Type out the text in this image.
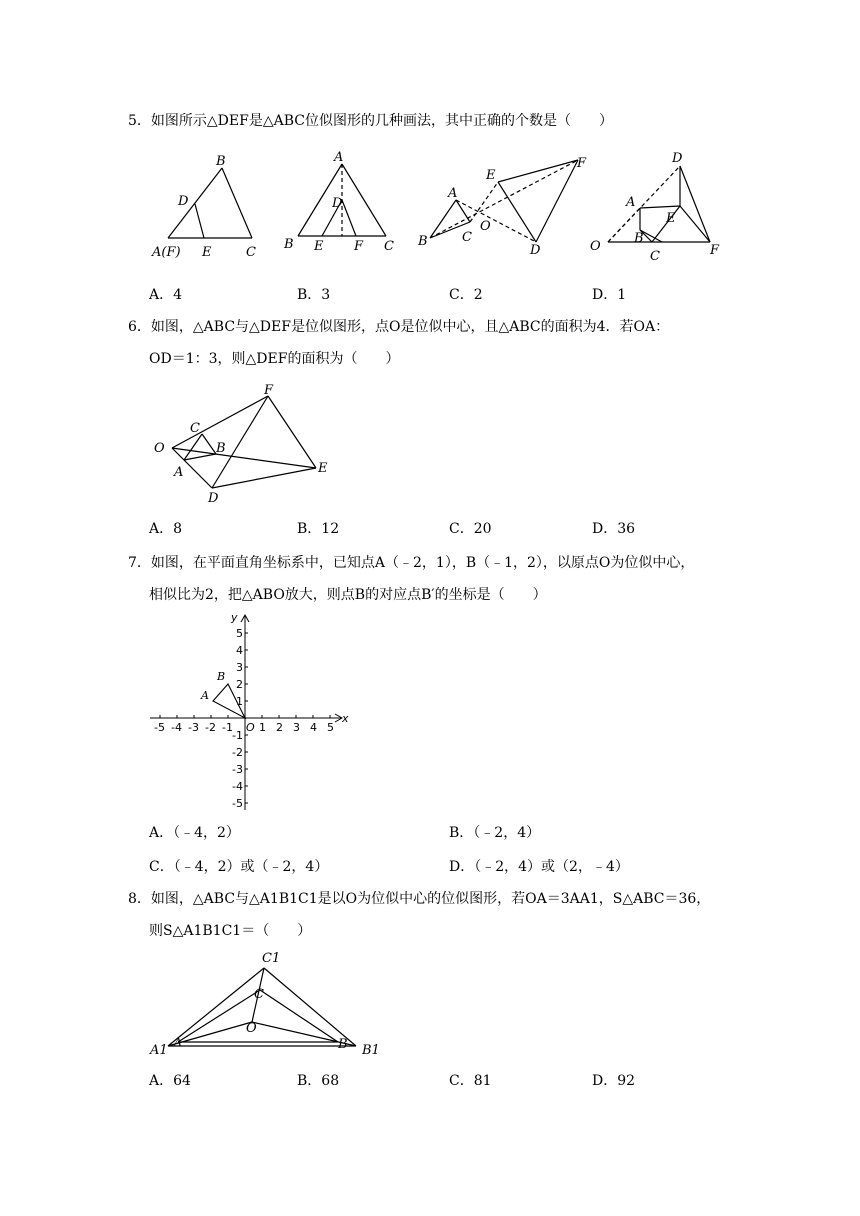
5．如图所示△DEF是△ABC位似图形的几种画法，其中正确的个数是（　　）
B
D
A(F) E	C
A
D
B E F C
E
F
A
O
B	C
D
D
A
E
B
O
C	F
A．4	B．3	C．2	D．1
6．如图，△ABC与△DEF是位似图形，点O是位似中心，且△ABC的面积为4．若OA：
OD＝1：3，则△DEF的面积为（　　）
F
C
O	B
A	E
D
A．8	B．12	C．20	D．36
7．如图，在平面直角坐标系中，已知点A（﹣2，1），B（﹣1，2），以原点O为位似中心，
相似比为2，把△ABO放大，则点B的对应点B′的坐标是（　　）
-5 -4 -3 -2 -1 1 2 3 4 5
5
4
3
2
1
-1
-2
-3
-4
-5
x
y
O
A
B
A．（﹣4，2）	B．（﹣2，4）
C．（﹣4，2）或（﹣2，4）	D．（﹣2，4）或（2，﹣4）
8．如图，△ABC与△A1B1C1是以O为位似中心的位似图形，若OA＝3AA1，S△ABC＝36，
则S△A1B1C1＝（　　）
C1
C
O
A1
A	B B1
A．64	B．68	C．81	D．92
